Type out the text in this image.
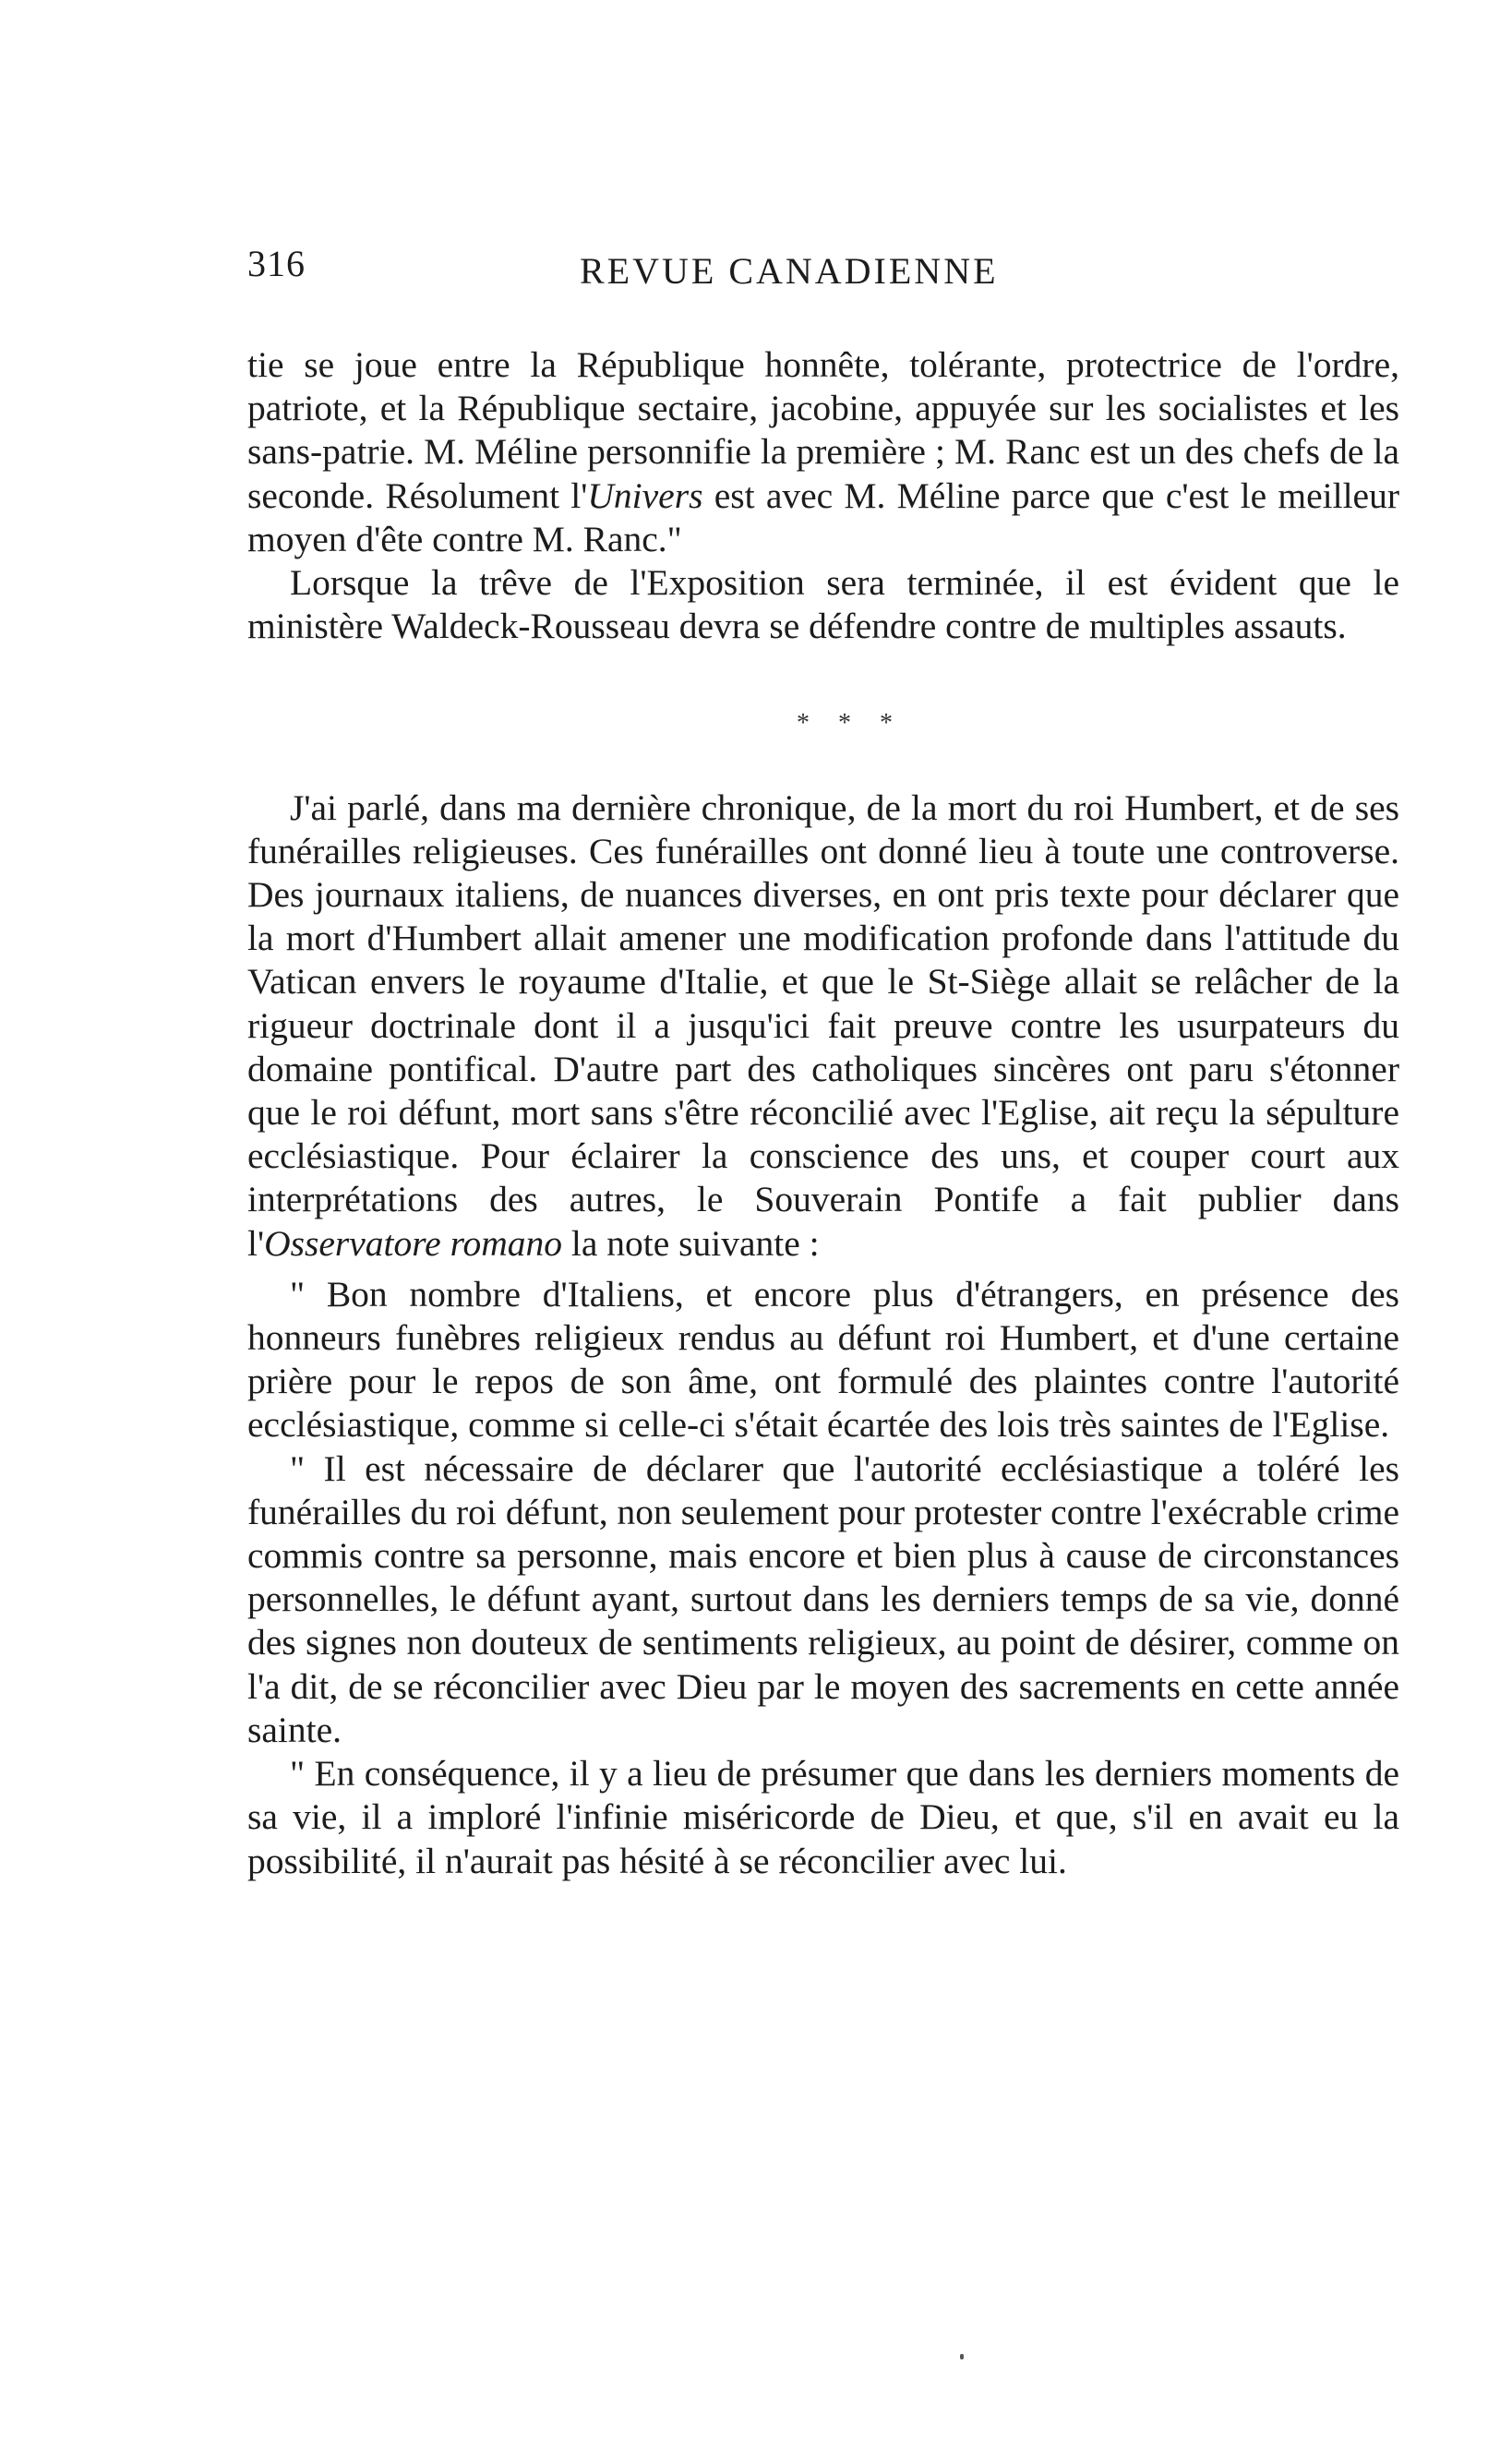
316	REVUE CANADIENNE

tie se joue entre la République honnête, tolérante, protectrice de l'ordre, patriote, et la République sectaire, jacobine, appuyée sur les socialistes et les sans-patrie. M. Méline personnifie la première ; M. Ranc est un des chefs de la seconde. Résolument l'Univers est avec M. Méline parce que c'est le meilleur moyen d'ête contre M. Ranc."

Lorsque la trêve de l'Exposition sera terminée, il est évident que le ministère Waldeck-Rousseau devra se défendre contre de multiples assauts.

* * *

J'ai parlé, dans ma dernière chronique, de la mort du roi Humbert, et de ses funérailles religieuses. Ces funérailles ont donné lieu à toute une controverse. Des journaux italiens, de nuances diverses, en ont pris texte pour déclarer que la mort d'Humbert allait amener une modification profonde dans l'attitude du Vatican envers le royaume d'Italie, et que le St-Siège allait se relâcher de la rigueur doctrinale dont il a jusqu'ici fait preuve contre les usurpateurs du domaine pontifical. D'autre part des catholiques sincères ont paru s'étonner que le roi défunt, mort sans s'être réconcilié avec l'Eglise, ait reçu la sépulture ecclésiastique. Pour éclairer la conscience des uns, et couper court aux interprétations des autres, le Souverain Pontife a fait publier dans l'Osservatore romano la note suivante :

" Bon nombre d'Italiens, et encore plus d'étrangers, en présence des honneurs funèbres religieux rendus au défunt roi Humbert, et d'une certaine prière pour le repos de son âme, ont formulé des plaintes contre l'autorité ecclésiastique, comme si celle-ci s'était écartée des lois très saintes de l'Eglise.

" Il est nécessaire de déclarer que l'autorité ecclésiastique a toléré les funérailles du roi défunt, non seulement pour protester contre l'exécrable crime commis contre sa personne, mais encore et bien plus à cause de circonstances personnelles, le défunt ayant, surtout dans les derniers temps de sa vie, donné des signes non douteux de sentiments religieux, au point de désirer, comme on l'a dit, de se réconcilier avec Dieu par le moyen des sacrements en cette année sainte.

" En conséquence, il y a lieu de présumer que dans les derniers moments de sa vie, il a imploré l'infinie miséricorde de Dieu, et que, s'il en avait eu la possibilité, il n'aurait pas hésité à se réconcilier avec lui.
